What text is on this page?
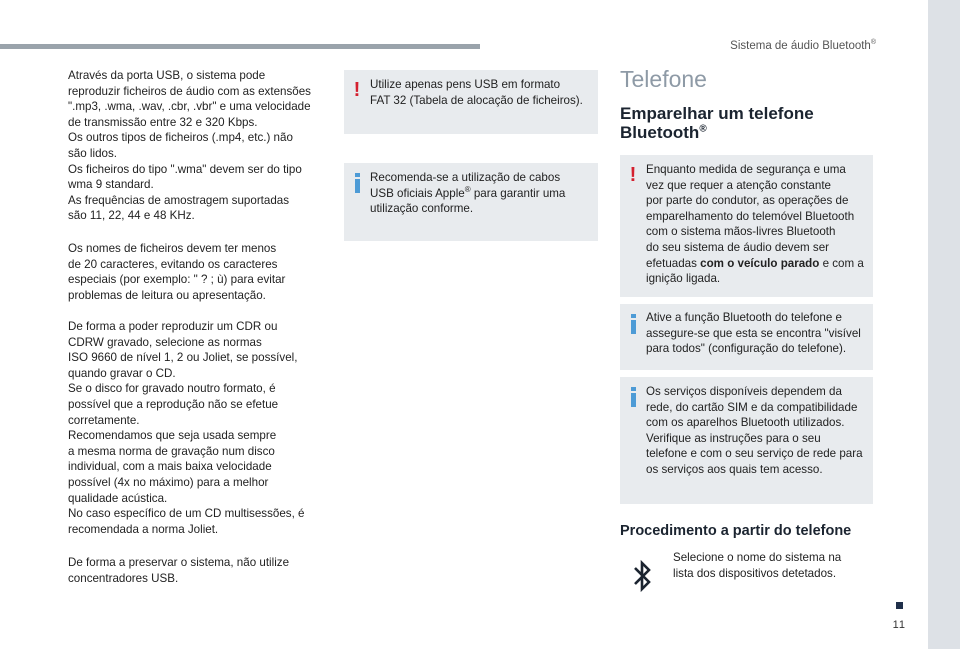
Sistema de áudio Bluetooth®
11

Através da porta USB, o sistema pode
reproduzir ficheiros de áudio com as extensões
".mp3, .wma, .wav, .cbr, .vbr" e uma velocidade
de transmissão entre 32 e 320 Kbps.
Os outros tipos de ficheiros (.mp4, etc.) não
são lidos.
Os ficheiros do tipo ".wma" devem ser do tipo
wma 9 standard.
As frequências de amostragem suportadas
são 11, 22, 44 e 48 KHz.

Os nomes de ficheiros devem ter menos
de 20 caracteres, evitando os caracteres
especiais (por exemplo: " ? ; ù) para evitar
problemas de leitura ou apresentação.

De forma a poder reproduzir um CDR ou
CDRW gravado, selecione as normas
ISO 9660 de nível 1, 2 ou Joliet, se possível,
quando gravar o CD.
Se o disco for gravado noutro formato, é
possível que a reprodução não se efetue
corretamente.
Recomendamos que seja usada sempre
a mesma norma de gravação num disco
individual, com a mais baixa velocidade
possível (4x no máximo) para a melhor
qualidade acústica.
No caso específico de um CD multisessões, é
recomendada a norma Joliet.

De forma a preservar o sistema, não utilize
concentradores USB.

! Utilize apenas pens USB em formato
FAT 32 (Tabela de alocação de ficheiros).

Recomenda-se a utilização de cabos
USB oficiais Apple® para garantir uma
utilização conforme.

Telefone
Emparelhar um telefone
Bluetooth®
! Enquanto medida de segurança e uma
vez que requer a atenção constante
por parte do condutor, as operações de
emparelhamento do telemóvel Bluetooth
com o sistema mãos-livres Bluetooth
do seu sistema de áudio devem ser
efetuadas com o veículo parado e com a
ignição ligada.

Ative a função Bluetooth do telefone e
assegure-se que esta se encontra "visível
para todos" (configuração do telefone).

Os serviços disponíveis dependem da
rede, do cartão SIM e da compatibilidade
com os aparelhos Bluetooth utilizados.
Verifique as instruções para o seu
telefone e com o seu serviço de rede para
os serviços aos quais tem acesso.

Procedimento a partir do telefone

Selecione o nome do sistema na
lista dos dispositivos detetados.
